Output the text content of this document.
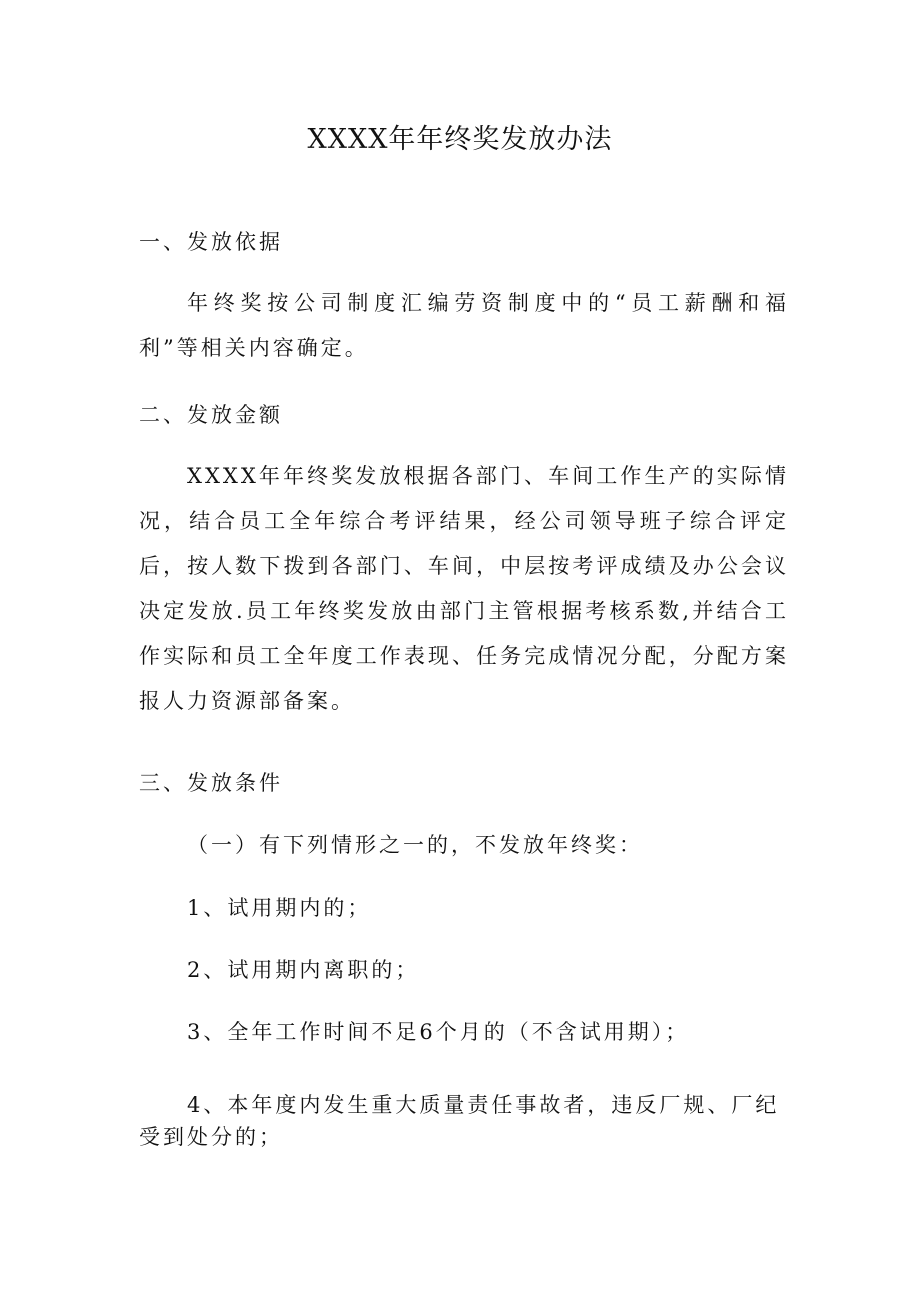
XXXX年年终奖发放办法

一、发放依据

年终奖按公司制度汇编劳资制度中的“员工薪酬和福利”等相关内容确定。

二、发放金额

XXXX年年终奖发放根据各部门、车间工作生产的实际情况，结合员工全年综合考评结果，经公司领导班子综合评定后，按人数下拨到各部门、车间，中层按考评成绩及办公会议决定发放.员工年终奖发放由部门主管根据考核系数,并结合工作实际和员工全年度工作表现、任务完成情况分配，分配方案报人力资源部备案。

三、发放条件

（一）有下列情形之一的，不发放年终奖：

1、试用期内的；

2、试用期内离职的；

3、全年工作时间不足6个月的（不含试用期）；

4、本年度内发生重大质量责任事故者，违反厂规、厂纪受到处分的；
